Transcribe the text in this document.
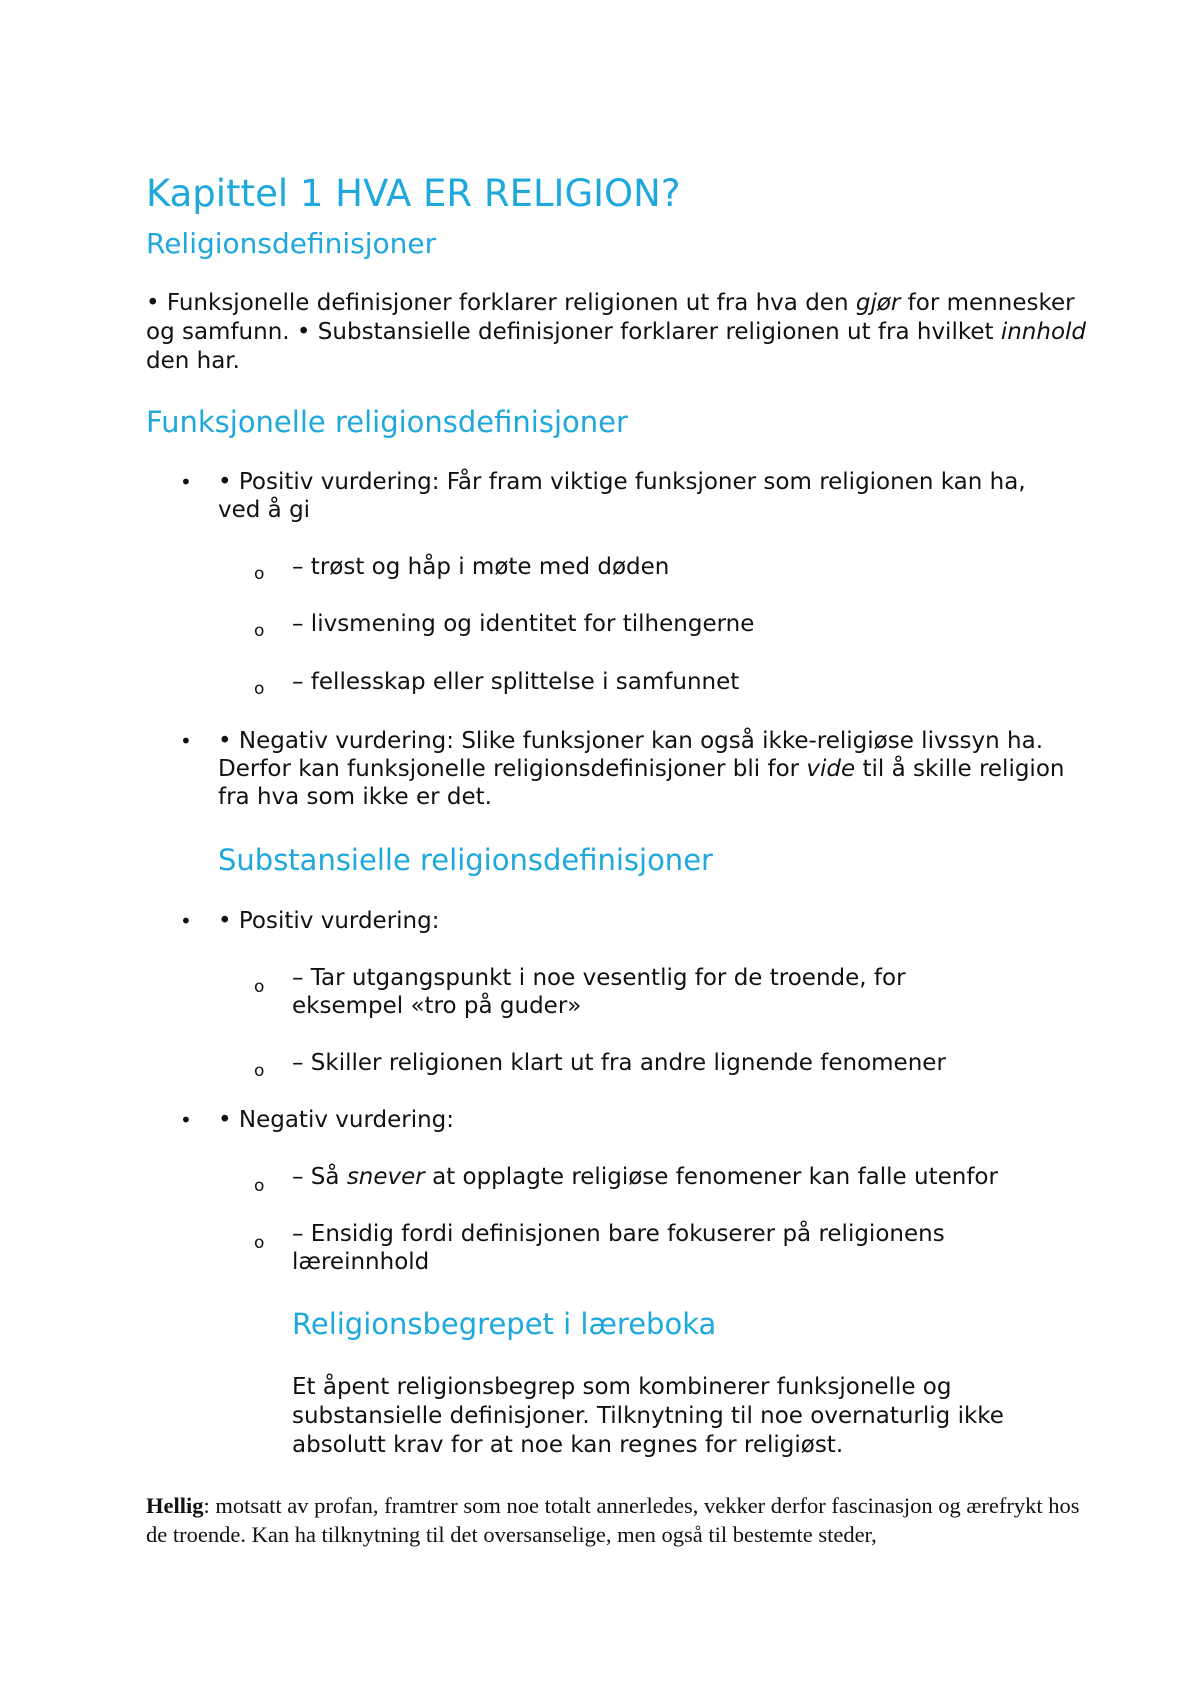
Kapittel 1 HVA ER RELIGION?
Religionsdefinisjoner

• Funksjonelle definisjoner forklarer religionen ut fra hva den gjør for mennesker og samfunn. • Substansielle definisjoner forklarer religionen ut fra hvilket innhold den har.

Funksjonelle religionsdefinisjoner
• • Positiv vurdering: Får fram viktige funksjoner som religionen kan ha, ved å gi

o – trøst og håp i møte med døden

o – livsmening og identitet for tilhengerne

o – fellesskap eller splittelse i samfunnet

• • Negativ vurdering: Slike funksjoner kan også ikke-religiøse livssyn ha. Derfor kan funksjonelle religionsdefinisjoner bli for vide til å skille religion fra hva som ikke er det.

Substansielle religionsdefinisjoner
• • Positiv vurdering:

o – Tar utgangspunkt i noe vesentlig for de troende, for eksempel «tro på guder»

o – Skiller religionen klart ut fra andre lignende fenomener

• • Negativ vurdering:

o – Så snever at opplagte religiøse fenomener kan falle utenfor

o – Ensidig fordi definisjonen bare fokuserer på religionens læreinnhold

Religionsbegrepet i læreboka

Et åpent religionsbegrep som kombinerer funksjonelle og substansielle definisjoner. Tilknytning til noe overnaturlig ikke absolutt krav for at noe kan regnes for religiøst.

Hellig: motsatt av profan, framtrer som noe totalt annerledes, vekker derfor fascinasjon og ærefrykt hos de troende. Kan ha tilknytning til det oversanselige, men også til bestemte steder,
